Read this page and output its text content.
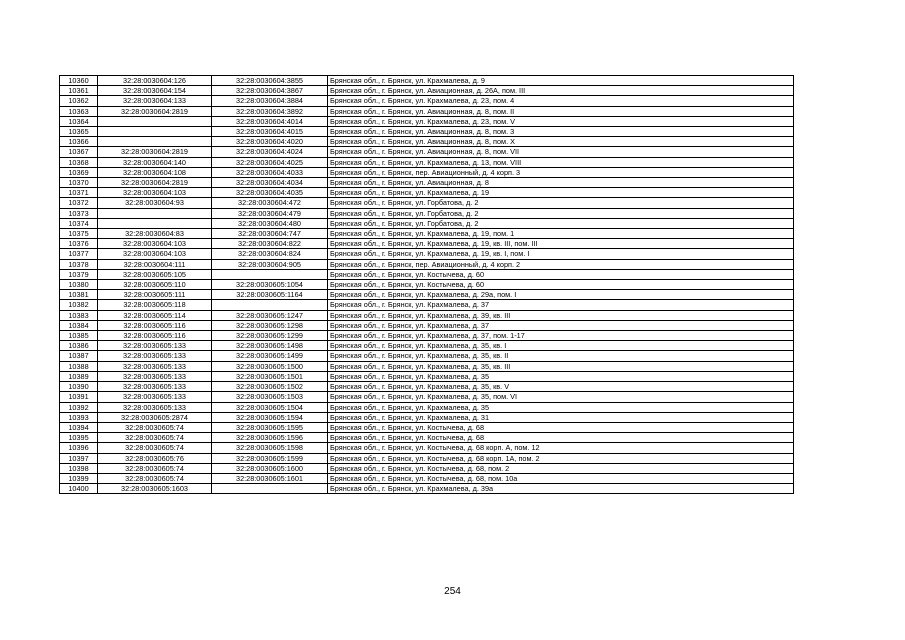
10360	32:28:0030604:126	32:28:0030604:3855	Брянская обл., г. Брянск, ул. Крахмалева, д. 9
10361	32:28:0030604:154	32:28:0030604:3867	Брянская обл., г. Брянск, ул. Авиационная, д. 26А, пом. III
10362	32:28:0030604:133	32:28:0030604:3884	Брянская обл., г. Брянск, ул. Крахмалева, д. 23, пом. 4
10363	32:28:0030604:2819	32:28:0030604:3892	Брянская обл., г. Брянск, ул. Авиационная, д. 8, пом. II
10364		32:28:0030604:4014	Брянская обл., г. Брянск, ул. Крахмалева, д. 23, пом. V
10365		32:28:0030604:4015	Брянская обл., г. Брянск, ул. Авиационная, д. 8, пом. 3
10366		32:28:0030604:4020	Брянская обл., г. Брянск, ул. Авиационная, д. 8, пом. X
10367	32:28:0030604:2819	32:28:0030604:4024	Брянская обл., г. Брянск, ул. Авиационная, д. 8, пом. VII
10368	32:28:0030604:140	32:28:0030604:4025	Брянская обл., г. Брянск, ул. Крахмалева, д. 13, пом. VIII
10369	32:28:0030604:108	32:28:0030604:4033	Брянская обл., г. Брянск, пер. Авиационный, д. 4 корп. 3
10370	32:28:0030604:2819	32:28:0030604:4034	Брянская обл., г. Брянск, ул. Авиационная, д. 8
10371	32:28:0030604:103	32:28:0030604:4035	Брянская обл., г. Брянск, ул. Крахмалева, д. 19
10372	32:28:0030604:93	32:28:0030604:472	Брянская обл., г. Брянск, ул. Горбатова, д. 2
10373		32:28:0030604:479	Брянская обл., г. Брянск, ул. Горбатова, д. 2
10374		32:28:0030604:480	Брянская обл., г. Брянск, ул. Горбатова, д. 2
10375	32:28:0030604:83	32:28:0030604:747	Брянская обл., г. Брянск, ул. Крахмалева, д. 19, пом. 1
10376	32:28:0030604:103	32:28:0030604:822	Брянская обл., г. Брянск, ул. Крахмалева, д. 19, кв. III, пом. III
10377	32:28:0030604:103	32:28:0030604:824	Брянская обл., г. Брянск, ул. Крахмалева, д. 19, кв. I, пом. I
10378	32:28:0030604:111	32:28:0030604:905	Брянская обл., г. Брянск, пер. Авиационный, д. 4 корп. 2
10379	32:28:0030605:105		Брянская обл., г. Брянск, ул. Костычева, д. 60
10380	32:28:0030605:110	32:28:0030605:1054	Брянская обл., г. Брянск, ул. Костычева, д. 60
10381	32:28:0030605:111	32:28:0030605:1164	Брянская обл., г. Брянск, ул. Крахмалева, д. 29а, пом. I
10382	32:28:0030605:118		Брянская обл., г. Брянск, ул. Крахмалева, д. 37
10383	32:28:0030605:114	32:28:0030605:1247	Брянская обл., г. Брянск, ул. Крахмалева, д. 39, кв. III
10384	32:28:0030605:116	32:28:0030605:1298	Брянская обл., г. Брянск, ул. Крахмалева, д. 37
10385	32:28:0030605:116	32:28:0030605:1299	Брянская обл., г. Брянск, ул. Крахмалева, д. 37, пом. 1-17
10386	32:28:0030605:133	32:28:0030605:1498	Брянская обл., г. Брянск, ул. Крахмалева, д. 35, кв. I
10387	32:28:0030605:133	32:28:0030605:1499	Брянская обл., г. Брянск, ул. Крахмалева, д. 35, кв. II
10388	32:28:0030605:133	32:28:0030605:1500	Брянская обл., г. Брянск, ул. Крахмалева, д. 35, кв. III
10389	32:28:0030605:133	32:28:0030605:1501	Брянская обл., г. Брянск, ул. Крахмалева, д. 35
10390	32:28:0030605:133	32:28:0030605:1502	Брянская обл., г. Брянск, ул. Крахмалева, д. 35, кв. V
10391	32:28:0030605:133	32:28:0030605:1503	Брянская обл., г. Брянск, ул. Крахмалева, д. 35, пом. VI
10392	32:28:0030605:133	32:28:0030605:1504	Брянская обл., г. Брянск, ул. Крахмалева, д. 35
10393	32:28:0030605:2874	32:28:0030605:1594	Брянская обл., г. Брянск, ул. Крахмалева, д. 31
10394	32:28:0030605:74	32:28:0030605:1595	Брянская обл., г. Брянск, ул. Костычева, д. 68
10395	32:28:0030605:74	32:28:0030605:1596	Брянская обл., г. Брянск, ул. Костычева, д. 68
10396	32:28:0030605:74	32:28:0030605:1598	Брянская обл., г. Брянск, ул. Костычева, д. 68 корп. А, пом. 12
10397	32:28:0030605:76	32:28:0030605:1599	Брянская обл., г. Брянск, ул. Костычева, д. 68 корп. 1А, пом. 2
10398	32:28:0030605:74	32:28:0030605:1600	Брянская обл., г. Брянск, ул. Костычева, д. 68, пом. 2
10399	32:28:0030605:74	32:28:0030605:1601	Брянская обл., г. Брянск, ул. Костычева, д. 68, пом. 10а
10400	32:28:0030605:1603		Брянская обл., г. Брянск, ул. Крахмалева, д. 39а
254
